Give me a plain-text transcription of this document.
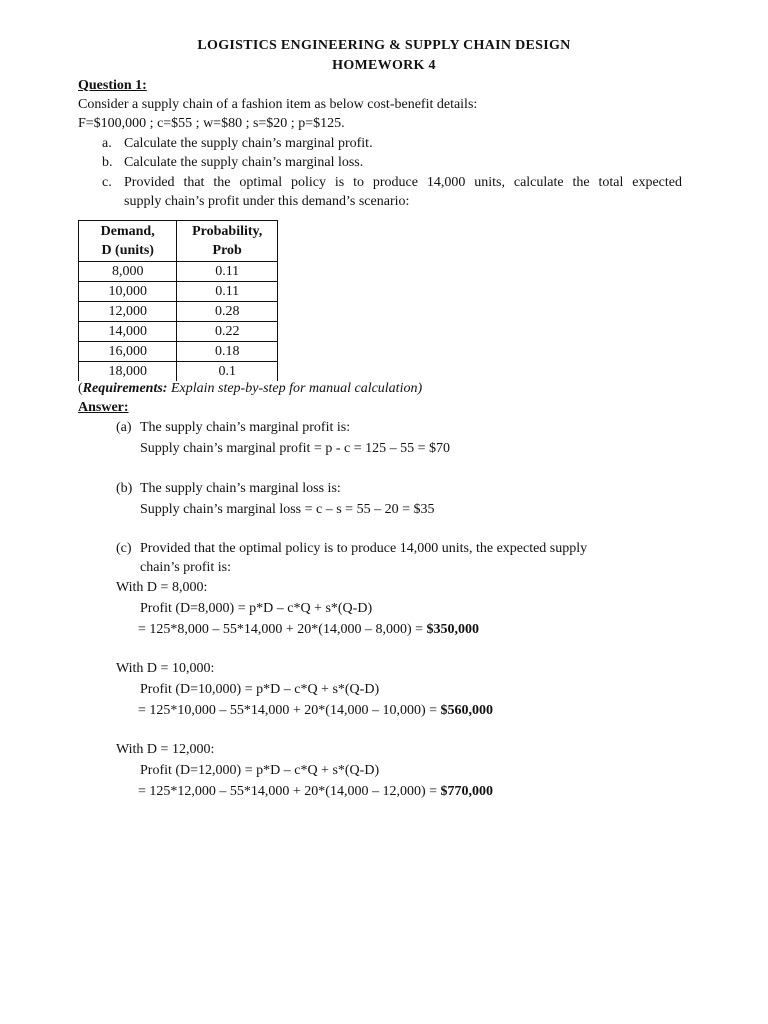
LOGISTICS ENGINEERING & SUPPLY CHAIN DESIGN
HOMEWORK 4
Question 1:
Consider a supply chain of a fashion item as below cost-benefit details:
F=$100,000 ; c=$55 ; w=$80 ; s=$20 ; p=$125.
a. Calculate the supply chain’s marginal profit.
b. Calculate the supply chain’s marginal loss.
c. Provided that the optimal policy is to produce 14,000 units, calculate the total expected
supply chain’s profit under this demand’s scenario:
Demand,
D (units)	Probability,
Prob
8,000	0.11
10,000	0.11
12,000	0.28
14,000	0.22
16,000	0.18
18,000	0.1
(Requirements: Explain step-by-step for manual calculation)
Answer:
(a) The supply chain’s marginal profit is:
Supply chain’s marginal profit = p - c = 125 – 55 = $70
(b) The supply chain’s marginal loss is:
Supply chain’s marginal loss = c – s = 55 – 20 = $35
(c) Provided that the optimal policy is to produce 14,000 units, the expected supply
chain’s profit is:
With D = 8,000:
Profit (D=8,000) = p*D – c*Q + s*(Q-D)
= 125*8,000 – 55*14,000 + 20*(14,000 – 8,000) = $350,000
With D = 10,000:
Profit (D=10,000) = p*D – c*Q + s*(Q-D)
= 125*10,000 – 55*14,000 + 20*(14,000 – 10,000) = $560,000
With D = 12,000:
Profit (D=12,000) = p*D – c*Q + s*(Q-D)
= 125*12,000 – 55*14,000 + 20*(14,000 – 12,000) = $770,000
